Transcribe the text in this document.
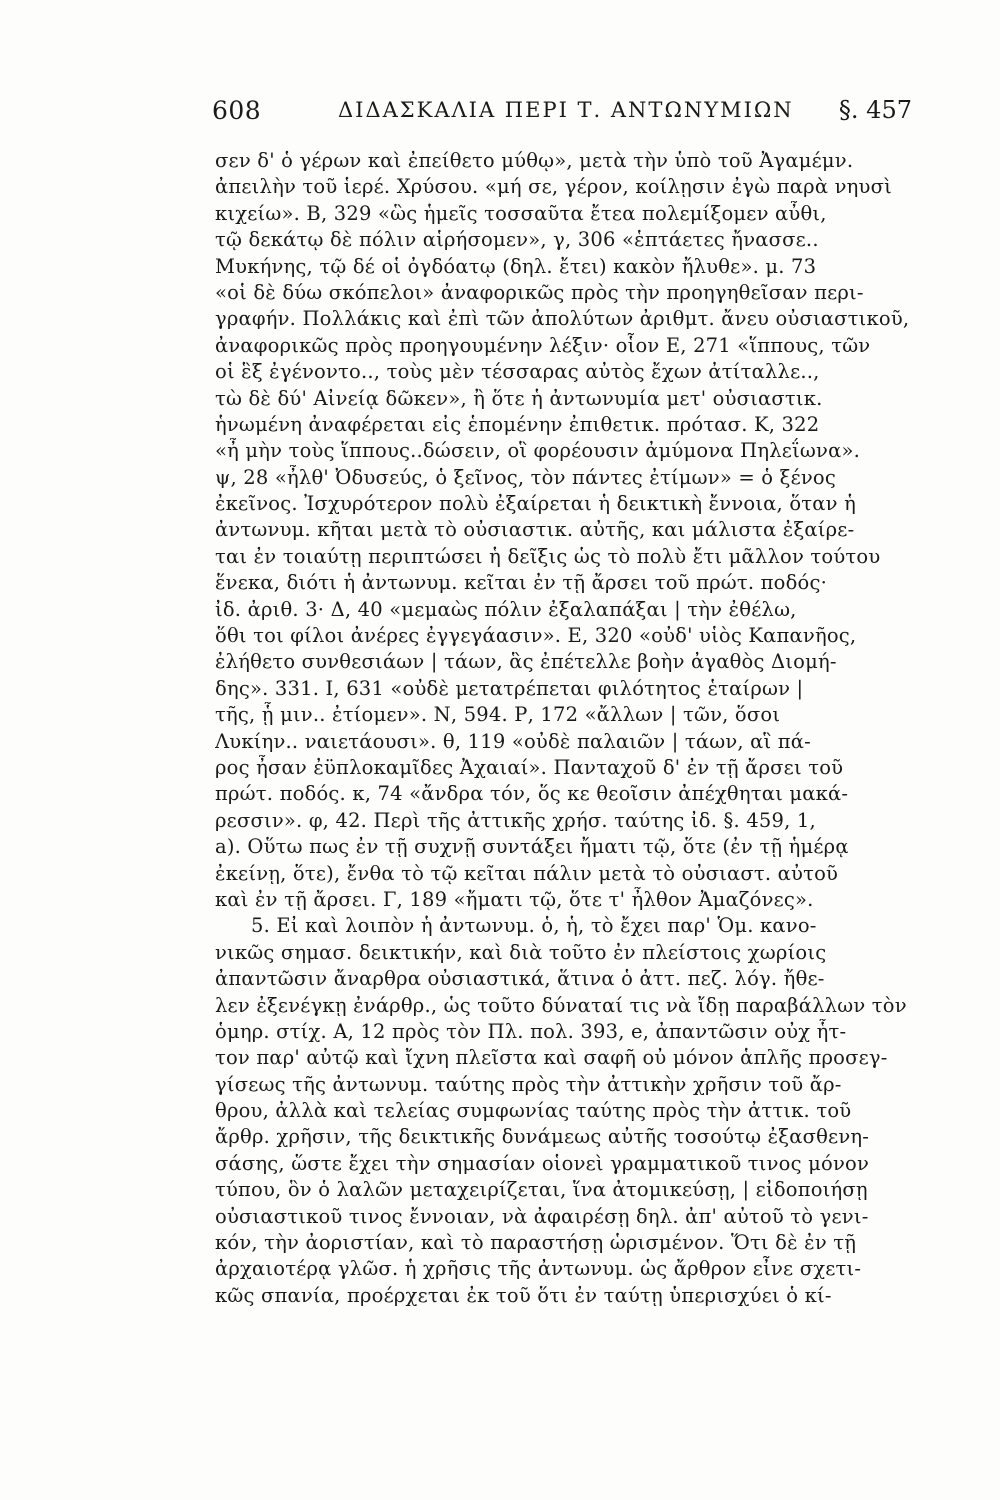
608	ΔΙΔΑΣΚΑΛΙΑ ΠΕΡΙ Τ. ΑΝΤΩΝΥΜΙΩΝ §. 457
σεν δ' ὁ γέρων καὶ ἐπείθετο μύθῳ», μετὰ τὴν ὑπὸ τοῦ Ἀγαμέμν.
ἀπειλὴν τοῦ ἱερέ. Χρύσου. «μή σε, γέρον, κοίλῃσιν ἐγὼ παρὰ νηυσὶ
κιχείω». Β, 329 «ὣς ἡμεῖς τοσσαῦτα ἔτεα πολεμίξομεν αὖθι,
τῷ δεκάτῳ δὲ πόλιν αἱρήσομεν», γ, 306 «ἑπτάετες ἤνασσε..
Μυκήνης, τῷ δέ οἱ ὀγδόατῳ (δηλ. ἔτει) κακὸν ἤλυθε». μ. 73
«οἱ δὲ δύω σκόπελοι» ἀναφορικῶς πρὸς τὴν προηγηθεῖσαν περι-
γραφήν. Πολλάκις καὶ ἐπὶ τῶν ἀπολύτων ἀριθμτ. ἄνευ οὐσιαστικοῦ,
ἀναφορικῶς πρὸς προηγουμένην λέξιν· οἷον Ε, 271 «ἵππους, τῶν
οἱ ἓξ ἐγένοντο.., τοὺς μὲν τέσσαρας αὐτὸς ἔχων ἀτίταλλε..,
τὼ δὲ δύ' Αἰνείᾳ δῶκεν», ἢ ὅτε ἡ ἀντωνυμία μετ' οὐσιαστικ.
ἡνωμένη ἀναφέρεται εἰς ἑπομένην ἐπιθετικ. πρότασ. Κ, 322
«ἦ μὴν τοὺς ἵππους..δώσειν, οἳ φορέουσιν ἀμύμονα Πηλεΐωνα».
ψ, 28 «ἦλθ' Ὀδυσεύς, ὁ ξεῖνος, τὸν πάντες ἐτίμων» = ὁ ξένος
ἐκεῖνος. Ἰσχυρότερον πολὺ ἐξαίρεται ἡ δεικτικὴ ἔννοια, ὅταν ἡ
ἀντωνυμ. κῆται μετὰ τὸ οὐσιαστικ. αὐτῆς, και μάλιστα ἐξαίρε-
ται ἐν τοιαύτῃ περιπτώσει ἡ δεῖξις ὡς τὸ πολὺ ἔτι μᾶλλον τούτου
ἕνεκα, διότι ἡ ἀντωνυμ. κεῖται ἐν τῇ ἄρσει τοῦ πρώτ. ποδός·
ἰδ. ἀριθ. 3· Δ, 40 «μεμαὼς πόλιν ἐξαλαπάξαι | τὴν ἐθέλω,
ὅθι τοι φίλοι ἀνέρες ἐγγεγάασιν». Ε, 320 «οὐδ' υἱὸς Καπανῆος,
ἐλήθετο συνθεσιάων | τάων, ἃς ἐπέτελλε βοὴν ἀγαθὸς Διομή-
δης». 331. Ι, 631 «οὐδὲ μετατρέπεται φιλότητος ἑταίρων |
τῆς, ᾗ μιν.. ἐτίομεν». Ν, 594. Ρ, 172 «ἄλλων | τῶν, ὅσοι
Λυκίην.. ναιετάουσι». θ, 119 «οὐδὲ παλαιῶν | τάων, αἳ πά-
ρος ἦσαν ἐϋπλοκαμῖδες Ἀχαιαί». Πανταχοῦ δ' ἐν τῇ ἄρσει τοῦ
πρώτ. ποδός. κ, 74 «ἄνδρα τόν, ὅς κε θεοῖσιν ἀπέχθηται μακά-
ρεσσιν». φ, 42. Περὶ τῆς ἀττικῆς χρήσ. ταύτης ἰδ. §. 459, 1,
a). Οὕτω πως ἐν τῇ συχνῇ συντάξει ἤματι τῷ, ὅτε (ἐν τῇ ἡμέρᾳ
ἐκείνῃ, ὅτε), ἔνθα τὸ τῷ κεῖται πάλιν μετὰ τὸ οὐσιαστ. αὐτοῦ
καὶ ἐν τῇ ἄρσει. Γ, 189 «ἤματι τῷ, ὅτε τ' ἦλθον Ἀμαζόνες».
5. Εἰ καὶ λοιπὸν ἡ ἀντωνυμ. ὁ, ἡ, τὸ ἔχει παρ' Ὁμ. κανο-
νικῶς σημασ. δεικτικήν, καὶ διὰ τοῦτο ἐν πλείστοις χωρίοις
ἀπαντῶσιν ἄναρθρα οὐσιαστικά, ἅτινα ὁ ἀττ. πεζ. λόγ. ἤθε-
λεν ἐξενέγκῃ ἐνάρθρ., ὡς τοῦτο δύναταί τις νὰ ἴδῃ παραβάλλων τὸν
ὁμηρ. στίχ. Α, 12 πρὸς τὸν Πλ. πολ. 393, e, ἀπαντῶσιν οὐχ ἧτ-
τον παρ' αὐτῷ καὶ ἴχνη πλεῖστα καὶ σαφῆ οὐ μόνον ἁπλῆς προσεγ-
γίσεως τῆς ἀντωνυμ. ταύτης πρὸς τὴν ἀττικὴν χρῆσιν τοῦ ἄρ-
θρου, ἀλλὰ καὶ τελείας συμφωνίας ταύτης πρὸς τὴν ἀττικ. τοῦ
ἄρθρ. χρῆσιν, τῆς δεικτικῆς δυνάμεως αὐτῆς τοσούτῳ ἐξασθενη-
σάσης, ὥστε ἔχει τὴν σημασίαν οἱονεὶ γραμματικοῦ τινος μόνον
τύπου, ὃν ὁ λαλῶν μεταχειρίζεται, ἵνα ἀτομικεύσῃ, | εἰδοποιήσῃ
οὐσιαστικοῦ τινος ἔννοιαν, νὰ ἀφαιρέσῃ δηλ. ἀπ' αὐτοῦ τὸ γενι-
κόν, τὴν ἀοριστίαν, καὶ τὸ παραστήσῃ ὡρισμένον. Ὅτι δὲ ἐν τῇ
ἀρχαιοτέρᾳ γλῶσ. ἡ χρῆσις τῆς ἀντωνυμ. ὡς ἄρθρον εἶνε σχετι-
κῶς σπανία, προέρχεται ἐκ τοῦ ὅτι ἐν ταύτῃ ὑπερισχύει ὁ κί-
